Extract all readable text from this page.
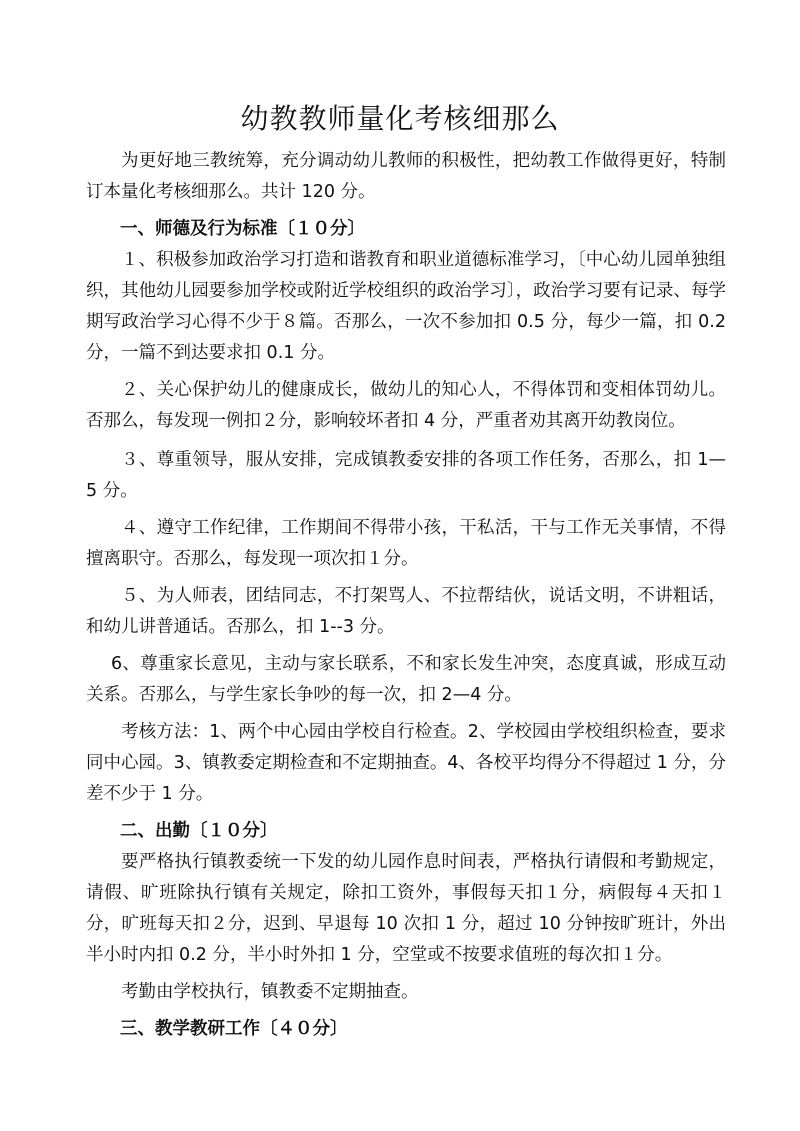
幼教教师量化考核细那么

为更好地三教统筹，充分调动幼儿教师的积极性，把幼教工作做得更好，特制订本量化考核细那么。共计 120 分。

一、师德及行为标准〔１０分〕

１、积极参加政治学习打造和谐教育和职业道德标准学习，〔中心幼儿园单独组织，其他幼儿园要参加学校或附近学校组织的政治学习〕，政治学习要有记录、每学期写政治学习心得不少于８篇。否那么，一次不参加扣 0.5 分，每少一篇，扣 0.2 分，一篇不到达要求扣 0.1 分。

２、关心保护幼儿的健康成长，做幼儿的知心人，不得体罚和变相体罚幼儿。否那么，每发现一例扣２分，影响较坏者扣 4 分，严重者劝其离开幼教岗位。

３、尊重领导，服从安排，完成镇教委安排的各项工作任务，否那么，扣 1—5 分。

４、遵守工作纪律，工作期间不得带小孩，干私活，干与工作无关事情，不得擅离职守。否那么，每发现一项次扣１分。

５、为人师表，团结同志，不打架骂人、不拉帮结伙，说话文明，不讲粗话，和幼儿讲普通话。否那么，扣 1--3 分。

6、尊重家长意见，主动与家长联系，不和家长发生冲突，态度真诚，形成互动关系。否那么，与学生家长争吵的每一次，扣 2—4 分。

考核方法：1、两个中心园由学校自行检查。2、学校园由学校组织检查，要求同中心园。3、镇教委定期检查和不定期抽查。4、各校平均得分不得超过 1 分，分差不少于 1 分。

二、出勤〔１０分〕

要严格执行镇教委统一下发的幼儿园作息时间表，严格执行请假和考勤规定，请假、旷班除执行镇有关规定，除扣工资外，事假每天扣１分，病假每４天扣１分，旷班每天扣２分，迟到、早退每 10 次扣 1 分，超过 10 分钟按旷班计，外出半小时内扣 0.2 分，半小时外扣 1 分，空堂或不按要求值班的每次扣１分。

考勤由学校执行，镇教委不定期抽查。

三、教学教研工作〔４０分〕
